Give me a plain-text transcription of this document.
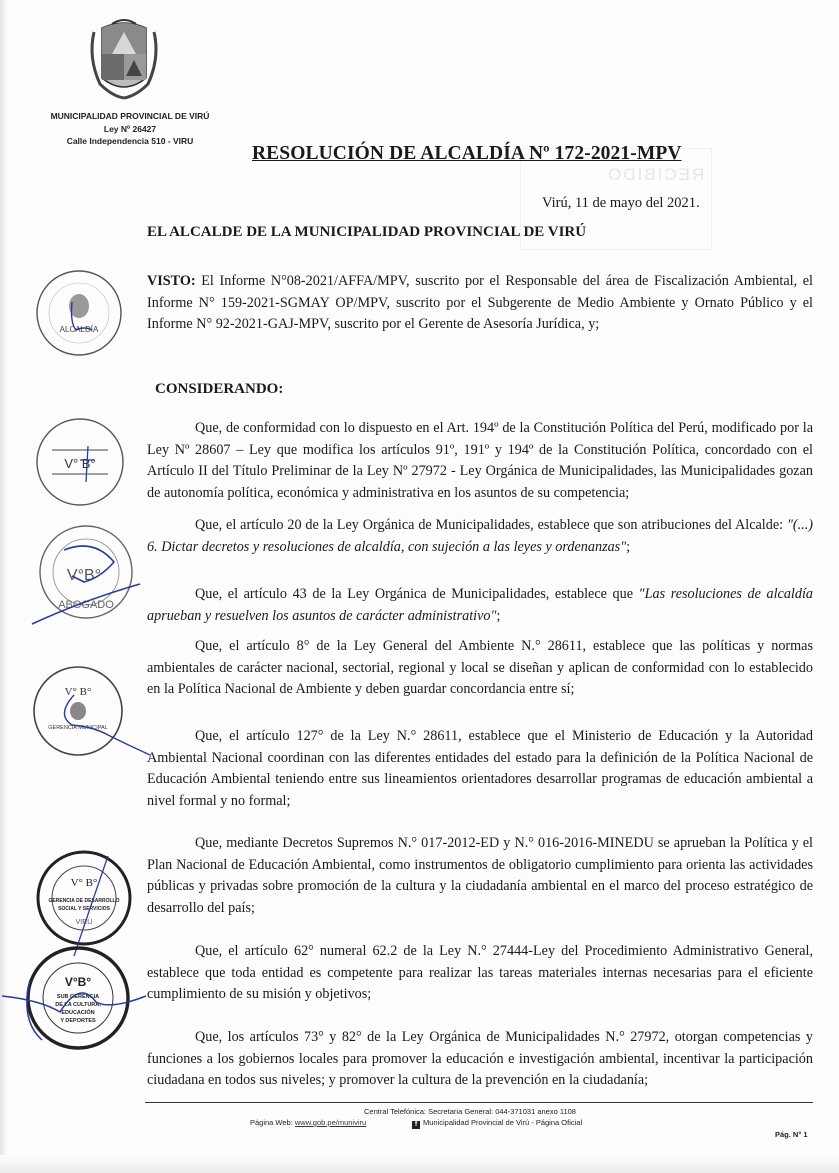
MUNICIPALIDAD PROVINCIAL DE VIRÚ
Ley Nº 26427
Calle Independencia 510 - VIRU
RECIBIDO
RESOLUCIÓN DE ALCALDÍA Nº 172-2021-MPV
Virú, 11 de mayo del 2021.
EL ALCALDE DE LA MUNICIPALIDAD PROVINCIAL DE VIRÚ
VISTO: El Informe N°08-2021/AFFA/MPV, suscrito por el Responsable del área de Fiscalización Ambiental, el Informe N° 159-2021-SGMAY OP/MPV, suscrito por el Subgerente de Medio Ambiente y Ornato Público y el Informe N° 92-2021-GAJ-MPV, suscrito por el Gerente de Asesoría Jurídica, y;
CONSIDERANDO:
Que, de conformidad con lo dispuesto en el Art. 194º de la Constitución Política del Perú, modificado por la Ley Nº 28607 – Ley que modifica los artículos 91º, 191º y 194º de la Constitución Política, concordado con el Artículo II del Título Preliminar de la Ley Nº 27972 - Ley Orgánica de Municipalidades, las Municipalidades gozan de autonomía política, económica y administrativa en los asuntos de su competencia;
Que, el artículo 20 de la Ley Orgánica de Municipalidades, establece que son atribuciones del Alcalde: "(...) 6. Dictar decretos y resoluciones de alcaldía, con sujeción a las leyes y ordenanzas";
Que, el artículo 43 de la Ley Orgánica de Municipalidades, establece que "Las resoluciones de alcaldía aprueban y resuelven los asuntos de carácter administrativo";
Que, el artículo 8° de la Ley General del Ambiente N.° 28611, establece que las políticas y normas ambientales de carácter nacional, sectorial, regional y local se diseñan y aplican de conformidad con lo establecido en la Política Nacional de Ambiente y deben guardar concordancia entre sí;
Que, el artículo 127° de la Ley N.° 28611, establece que el Ministerio de Educación y la Autoridad Ambiental Nacional coordinan con las diferentes entidades del estado para la definición de la Política Nacional de Educación Ambiental teniendo entre sus lineamientos orientadores desarrollar programas de educación ambiental a nivel formal y no formal;
Que, mediante Decretos Supremos N.° 017-2012-ED y N.° 016-2016-MINEDU se aprueban la Política y el Plan Nacional de Educación Ambiental, como instrumentos de obligatorio cumplimiento para orienta las actividades públicas y privadas sobre promoción de la cultura y la ciudadanía ambiental en el marco del proceso estratégico de desarrollo del país;
Que, el artículo 62° numeral 62.2 de la Ley N.° 27444-Ley del Procedimiento Administrativo General, establece que toda entidad es competente para realizar las tareas materiales internas necesarias para el eficiente cumplimiento de su misión y objetivos;
Que, los artículos 73° y 82° de la Ley Orgánica de Municipalidades N.° 27972, otorgan competencias y funciones a los gobiernos locales para promover la educación e investigación ambiental, incentivar la participación ciudadana en todos sus niveles; y promover la cultura de la prevención en la ciudadanía;
ALCALDÍA
V° B°
V°B°
ABOGADO
V° B°
GERENCIA MUNICIPAL
V° B°
GERENCIA DE DESARROLLO
SOCIAL Y SERVICIOS
VIRÚ
V°B°
SUB GERENCIA
DE LA CULTURA,
EDUCACIÓN
Y DEPORTES
Central Telefónica: Secretaria General: 044-371031 anexo 1108
Página Web: www.gob.pe/muniviru	f Municipalidad Provincial de Virú - Página Oficial
Pág. N° 1
